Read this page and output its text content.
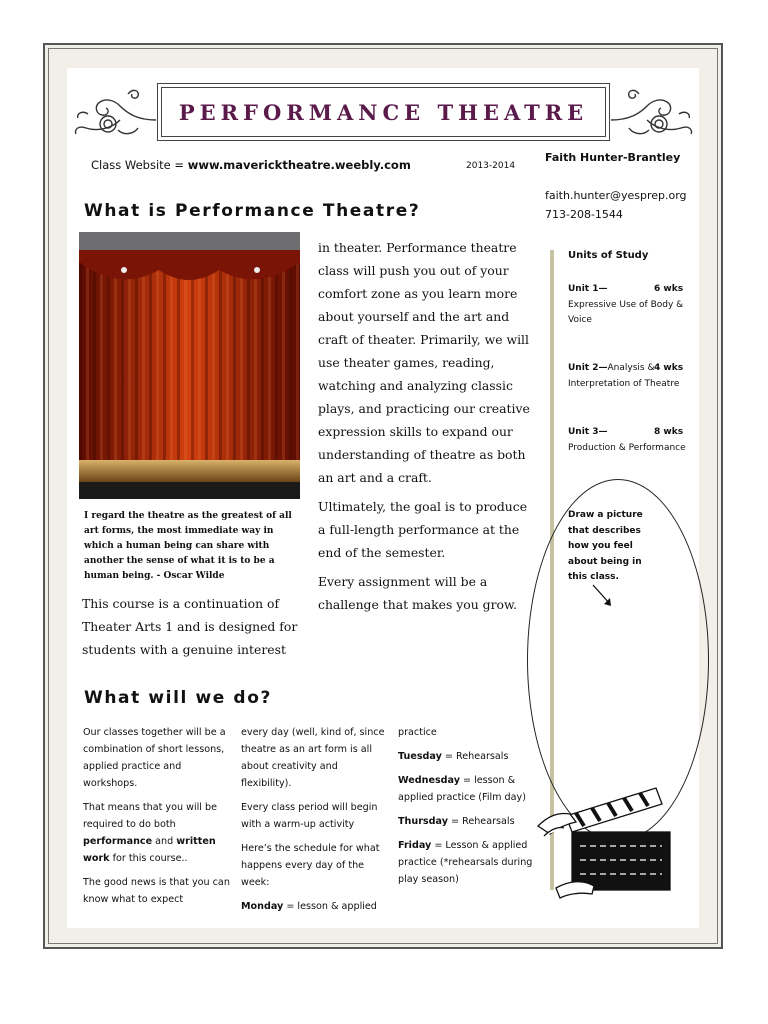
PERFORMANCE THEATRE

Class Website = www.mavericktheatre.weebly.com	2013-2014

Faith Hunter-Brantley

faith.hunter@yesprep.org

713-208-1544

What is Performance Theatre?

I regard the theatre as the greatest of all art forms, the most immediate way in which a human being can share with another the sense of what it is to be a human being. - Oscar Wilde

This course is a continuation of Theater Arts 1 and is designed for students with a genuine interest

in theater. Performance theatre class will push you out of your comfort zone as you learn more about yourself and the art and craft of theater. Primarily, we will use theater games, reading, watching and analyzing classic plays, and practicing our creative expression skills to expand our understanding of theatre as both an art and a craft.

Ultimately, the goal is to produce a full-length performance at the end of the semester.

Every assignment will be a challenge that makes you grow.

Units of Study

Unit 1—
Expressive Use of Body & Voice
6 wks
Unit 2—Analysis & Interpretation of Theatre
4 wks
Unit 3—
Production & Performance
8 wks

Draw a picture that describes how you feel about being in this class.

What will we do?

Our classes together will be a combination of short lessons, applied practice and workshops.

That means that you will be required to do both performance and written work for this course..

The good news is that you can know what to expect

every day (well, kind of, since theatre as an art form is all about creativity and flexibility).

Every class period will begin with a warm-up activity

Here’s the schedule for what happens every day of the week:

Monday = lesson & applied

practice

Tuesday = Rehearsals

Wednesday = lesson & applied practice (Film day)

Thursday = Rehearsals

Friday = Lesson & applied practice (*rehearsals during play season)
